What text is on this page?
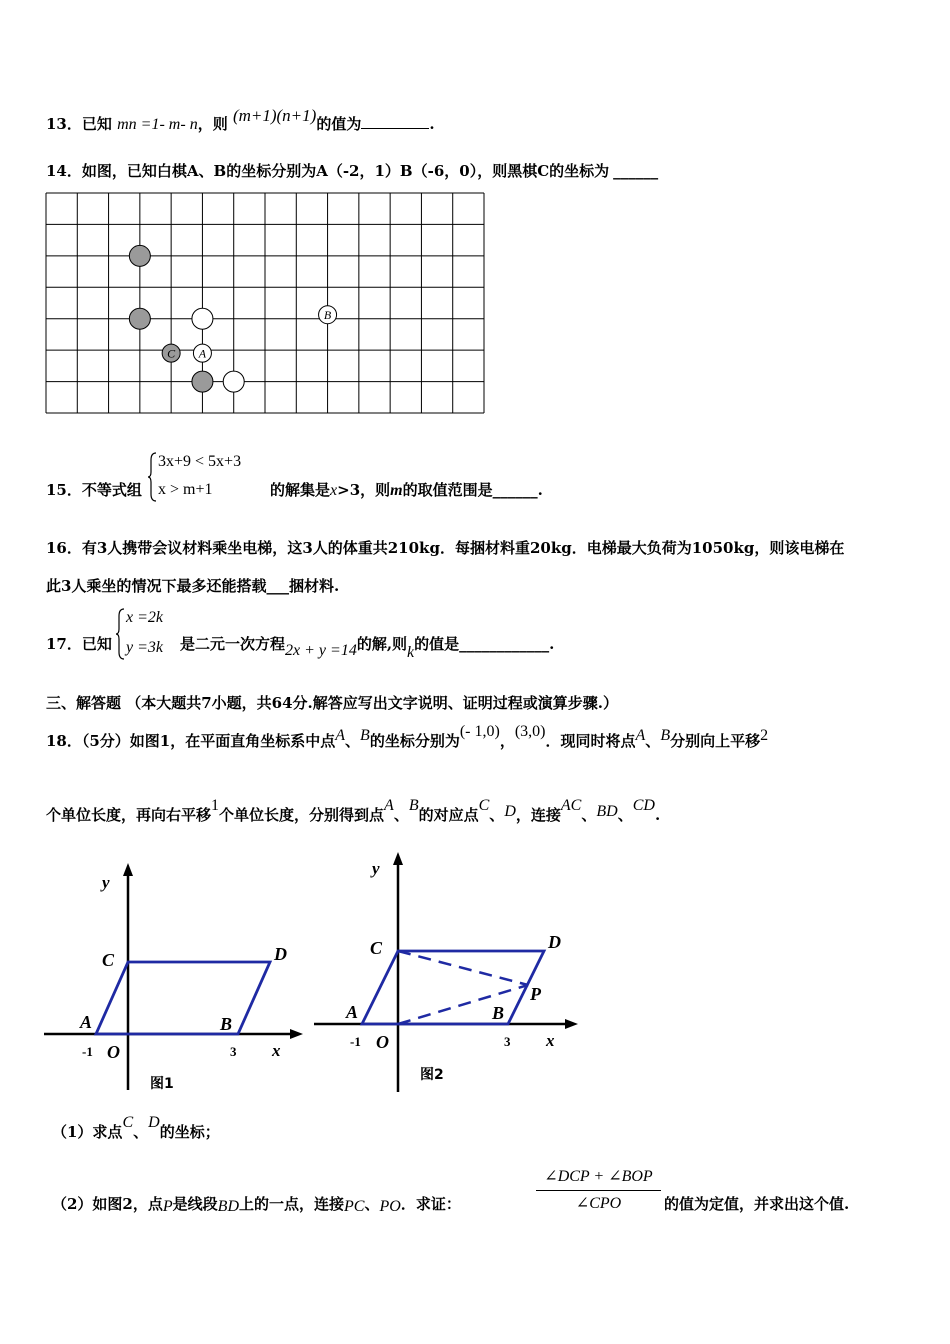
13．已知 mn =1- m- n，则 (m+1)(n+1)的值为	.
14．如图，已知白棋A、B的坐标分别为A（-2，1）B（-6，0），则黑棋C的坐标为 ______
C A
B
15．不等式组
3x+9 < 5x+3
x > m+1	的解集是x>3，则m的取值范围是______.
16．有3人携带会议材料乘坐电梯，这3人的体重共210kg．每捆材料重20kg．电梯最大负荷为1050kg，则该电梯在
此3人乘坐的情况下最多还能搭载___捆材料.
17．已知
x =2k
y =3k 是二元一次方程2x + y =14的解,则k的值是____________.
三、解答题 （本大题共7小题，共64分.解答应写出文字说明、证明过程或演算步骤.）
18．（5分）如图1，在平面直角坐标系中点A、B的坐标分别为(- 1,0)，(3,0)．现同时将点A、B分别向上平移2
个单位长度，再向右平移1个单位长度，分别得到点A、B的对应点C、D，连接AC、BD、CD.
y
C	D
A	B
O
-1	3 x
图1
y
C	D
P
A	B
O
-1	3 x
图2
（1）求点C、D的坐标；
（2）如图2，点P是线段BD上的一点，连接PC、PO．求证：
∠DCP + ∠BOP
∠CPO	的值为定值，并求出这个值.
